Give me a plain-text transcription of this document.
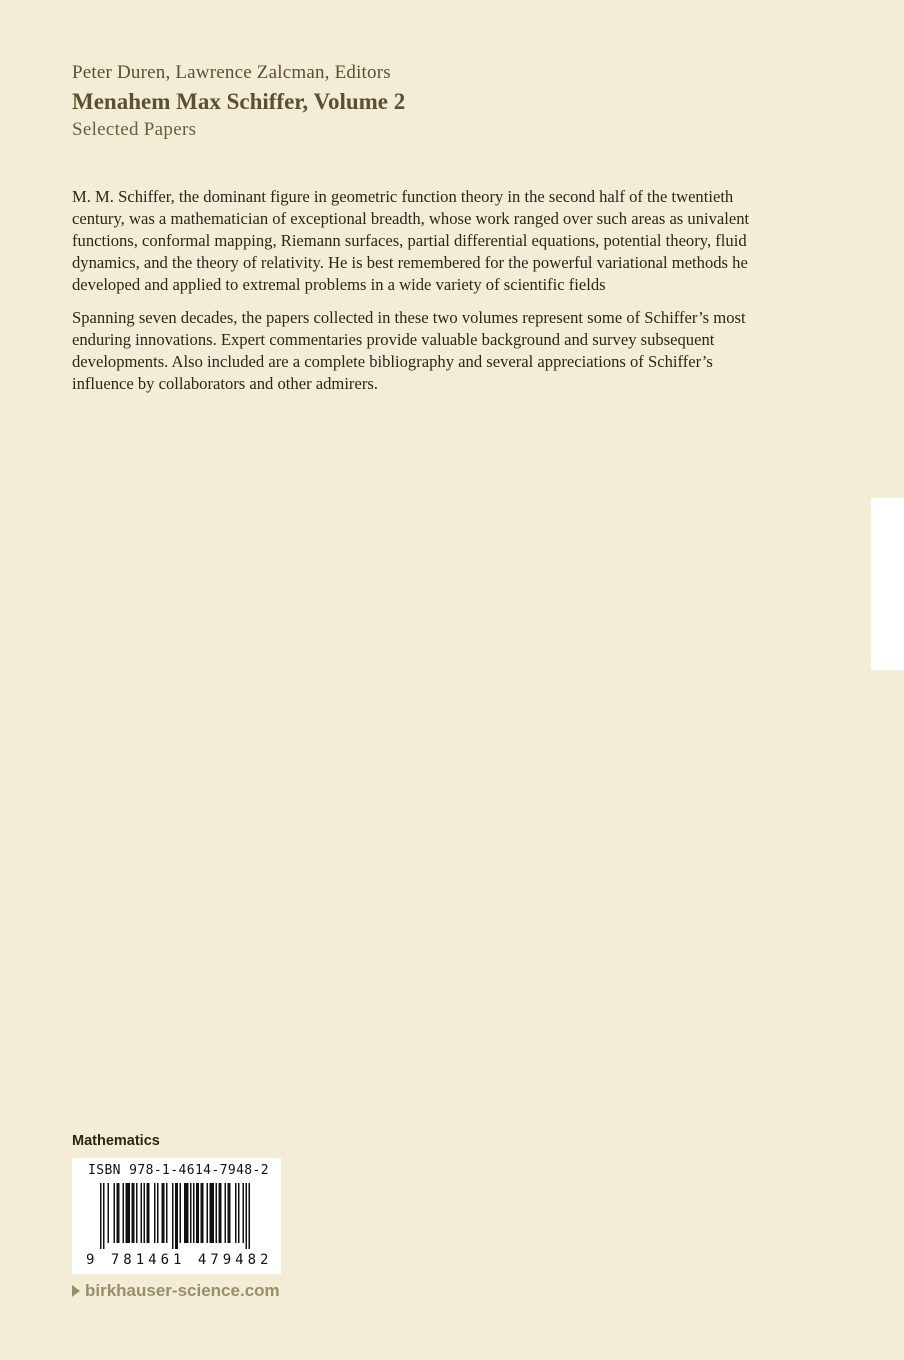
Peter Duren, Lawrence Zalcman, Editors
Menahem Max Schiffer, Volume 2
Selected Papers

M. M. Schiffer, the dominant figure in geometric function theory in the second half of the twentieth century, was a mathematician of exceptional breadth, whose work ranged over such areas as univalent functions, conformal mapping, Riemann surfaces, partial differential equations, potential theory, fluid dynamics, and the theory of relativity. He is best remembered for the powerful variational methods he developed and applied to extremal problems in a wide variety of scientific fields

Spanning seven decades, the papers collected in these two volumes represent some of Schiffer’s most enduring innovations. Expert commentaries provide valuable background and survey subsequent developments. Also included are a complete bibliography and several appreciations of Schiffer’s influence by collaborators and other admirers.

Mathematics
ISBN 978-1-4614-7948-2
9 781461 479482
birkhauser-science.com
